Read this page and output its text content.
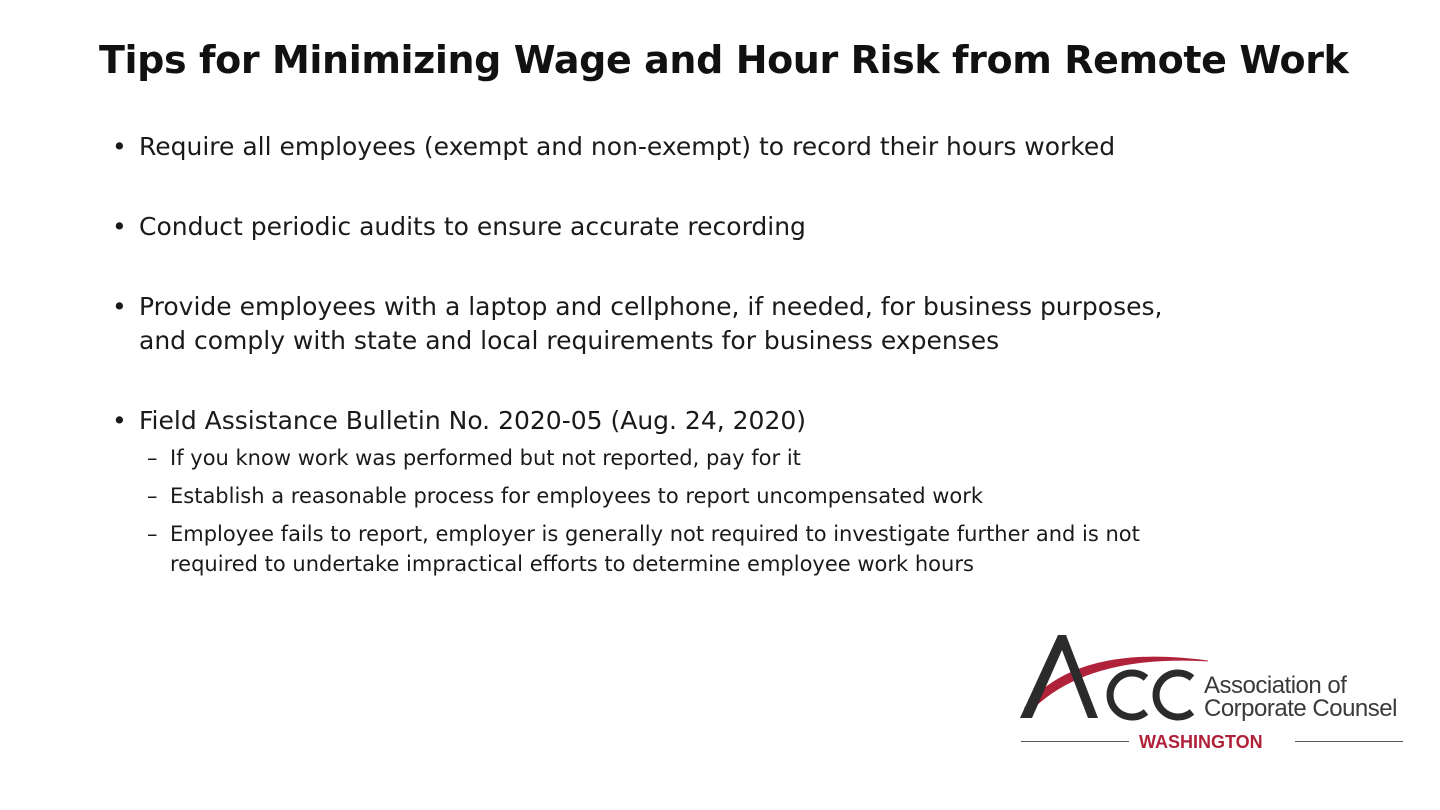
Tips for Minimizing Wage and Hour Risk from Remote Work
• Require all employees (exempt and non-exempt) to record their hours worked
• Conduct periodic audits to ensure accurate recording
• Provide employees with a laptop and cellphone, if needed, for business purposes, and comply with state and local requirements for business expenses
• Field Assistance Bulletin No. 2020-05 (Aug. 24, 2020)
– If you know work was performed but not reported, pay for it
– Establish a reasonable process for employees to report uncompensated work
– Employee fails to report, employer is generally not required to investigate further and is not required to undertake impractical efforts to determine employee work hours
Association of
Corporate Counsel
WASHINGTON
